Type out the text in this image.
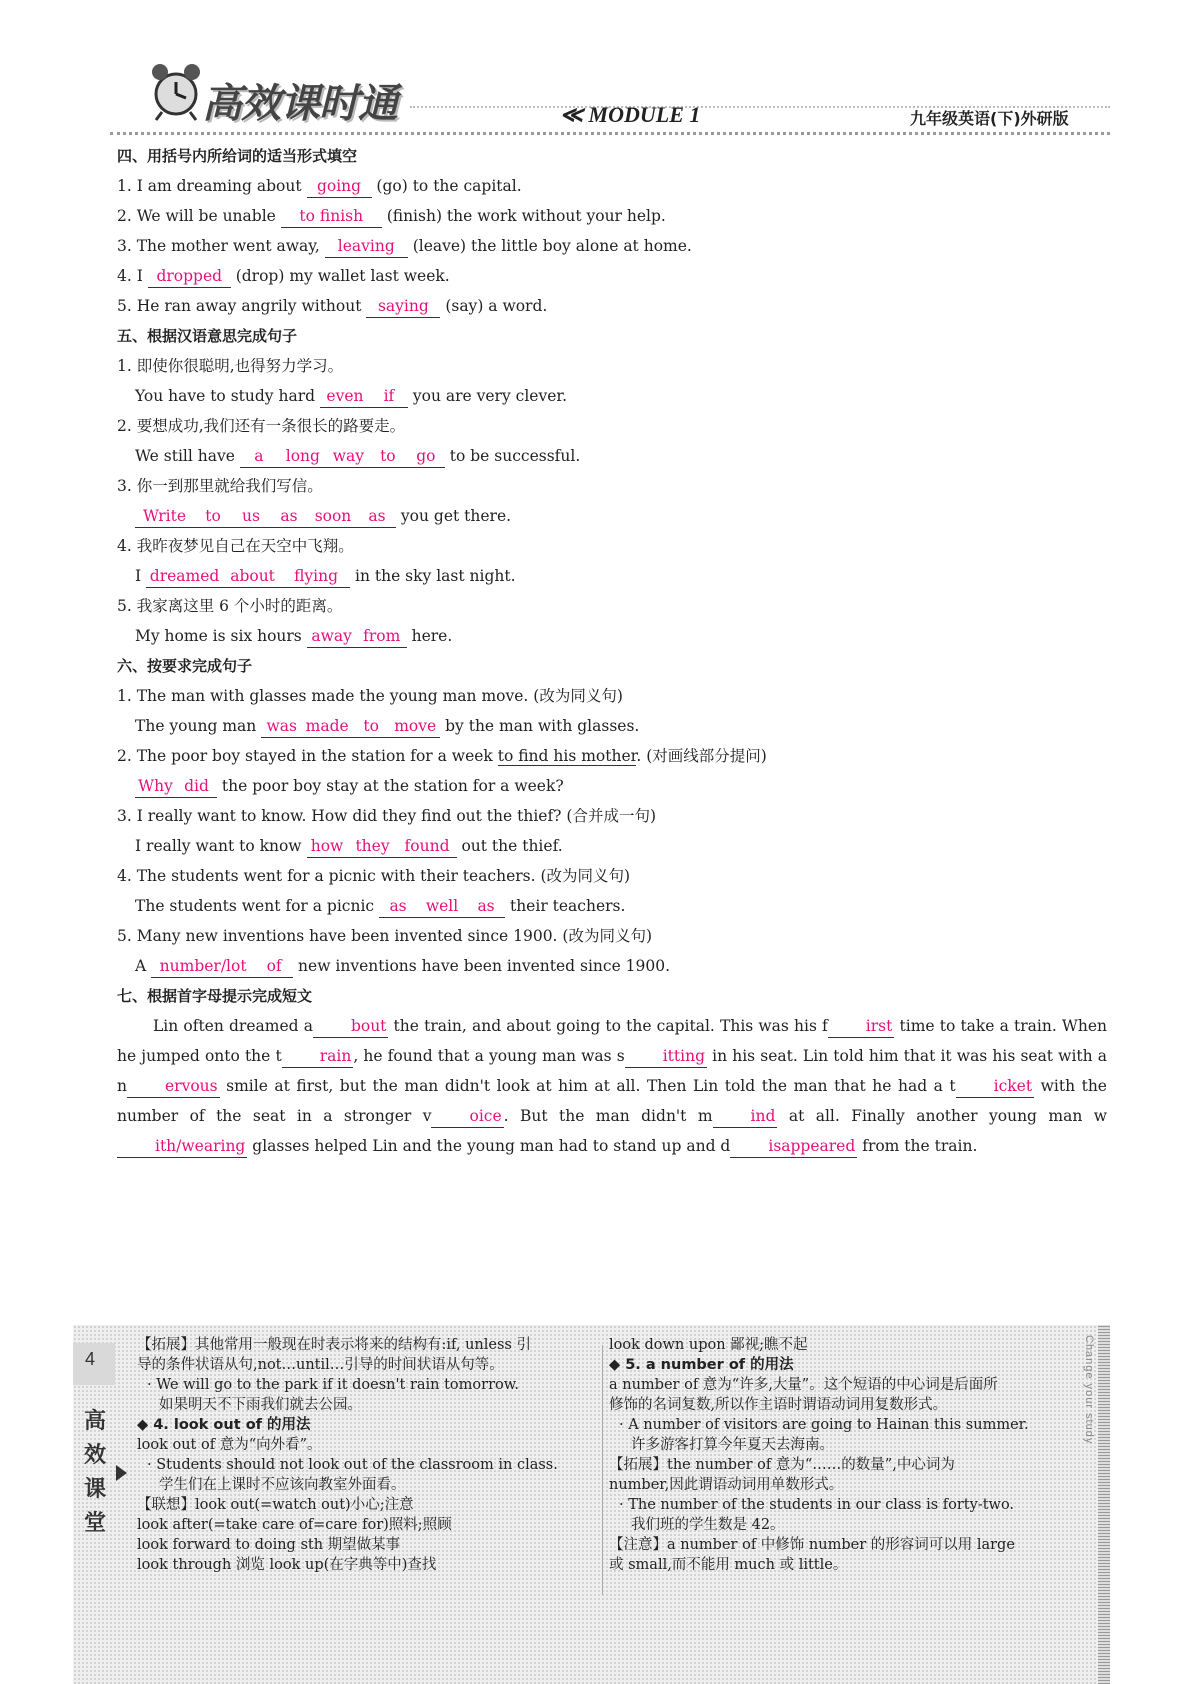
高效课时通	≪ MODULE 1	九年级英语(下)外研版
四、用括号内所给词的适当形式填空
1. I am dreaming about going (go) to the capital.
2. We will be unable to finish (finish) the work without your help.
3. The mother went away, leaving (leave) the little boy alone at home.
4. I dropped (drop) my wallet last week.
5. He ran away angrily without saying (say) a word.
五、根据汉语意思完成句子
1. 即使你很聪明,也得努力学习。
You have to study hard even if you are very clever.
2. 要想成功,我们还有一条很长的路要走。
We still have a long way to go to be successful.
3. 你一到那里就给我们写信。
Write to us as soon as you get there.
4. 我昨夜梦见自己在天空中飞翔。
I dreamed about flying in the sky last night.
5. 我家离这里 6 个小时的距离。
My home is six hours away from here.
六、按要求完成句子
1. The man with glasses made the young man move. (改为同义句)
The young man was made to move by the man with glasses.
2. The poor boy stayed in the station for a week to find his mother. (对画线部分提问)
Why did the poor boy stay at the station for a week?
3. I really want to know. How did they find out the thief? (合并成一句)
I really want to know how they found out the thief.
4. The students went for a picnic with their teachers. (改为同义句)
The students went for a picnic as well as their teachers.
5. Many new inventions have been invented since 1900. (改为同义句)
A number/lot of new inventions have been invented since 1900.
七、根据首字母提示完成短文
Lin often dreamed a bout the train, and about going to the capital. This was his f irst time to take a train. When he jumped onto the t rain , he found that a young man was s itting in his seat. Lin told him that it was his seat with a n ervous smile at first, but the man didn't look at him at all. Then Lin told the man that he had a t icket with the number of the seat in a stronger v oice . But the man didn't m ind at all. Finally another young man with/wearing glasses helped Lin and the young man had to stand up and d isappeared from the train.
4
高
效
课
堂
【拓展】其他常用一般现在时表示将来的结构有:if, unless 引
导的条件状语从句,not…until…引导的时间状语从句等。
· We will go to the park if it doesn't rain tomorrow.
如果明天不下雨我们就去公园。
◆ 4. look out of 的用法
look out of 意为“向外看”。
· Students should not look out of the classroom in class.
学生们在上课时不应该向教室外面看。
【联想】look out(=watch out)小心;注意
look after(=take care of=care for)照料;照顾
look forward to doing sth 期望做某事
look through 浏览 look up(在字典等中)查找
look down upon 鄙视;瞧不起
◆ 5. a number of 的用法
a number of 意为“许多,大量”。这个短语的中心词是后面所
修饰的名词复数,所以作主语时谓语动词用复数形式。
· A number of visitors are going to Hainan this summer.
许多游客打算今年夏天去海南。
【拓展】the number of 意为“……的数量”,中心词为
number,因此谓语动词用单数形式。
· The number of the students in our class is forty-two.
我们班的学生数是 42。
【注意】a number of 中修饰 number 的形容词可以用 large
或 small,而不能用 much 或 little。
Change your study
